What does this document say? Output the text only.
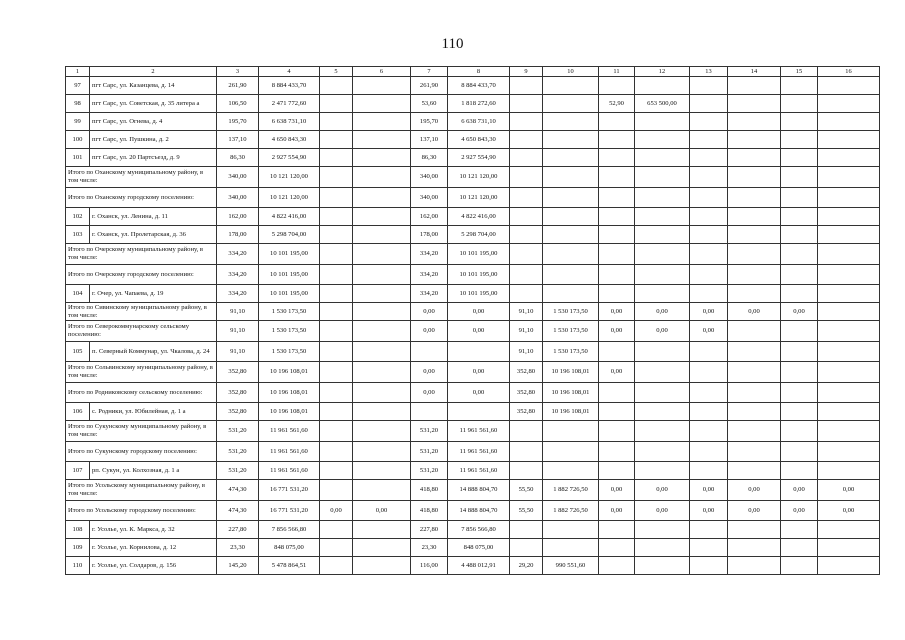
110
1	2	3	4	5	6	7	8	9	10	11	12	13	14	15	16
97	пгт Сарс, ул. Казанцева, д. 14	261,90	8 884 433,70			261,90	8 884 433,70								
98	пгт Сарс, ул. Советская, д. 35 литера а	106,50	2 471 772,60			53,60	1 818 272,60			52,90	653 500,00				
99	пгт Сарс, ул. Огнева, д. 4	195,70	6 638 731,10			195,70	6 638 731,10								
100	пгт Сарс, ул. Пушкина, д. 2	137,10	4 650 843,30			137,10	4 650 843,30								
101	пгт Сарс, ул. 20 Партсъезд, д. 9	86,30	2 927 554,90			86,30	2 927 554,90								
Итого по Оханскому муниципальному району, в том числе:		340,00	10 121 120,00			340,00	10 121 120,00								
Итого по Оханскому городскому поселению:		340,00	10 121 120,00			340,00	10 121 120,00								
102	г. Оханск, ул. Ленина, д. 11	162,00	4 822 416,00			162,00	4 822 416,00								
103	г. Оханск, ул. Пролетарская, д. 36	178,00	5 298 704,00			178,00	5 298 704,00								
Итого по Очерскому муниципальному району, в том числе:		334,20	10 101 195,00			334,20	10 101 195,00								
Итого по Очерскому городскому поселению:		334,20	10 101 195,00			334,20	10 101 195,00								
104	г. Очер, ул. Чапаева, д. 19	334,20	10 101 195,00			334,20	10 101 195,00								
Итого по Сивинскому муниципальному району, в том числе:		91,10	1 530 173,50			0,00	0,00	91,10	1 530 173,50	0,00	0,00	0,00	0,00	0,00	
Итого по Северокоммунарскому сельскому поселению:		91,10	1 530 173,50			0,00	0,00	91,10	1 530 173,50	0,00	0,00	0,00			
105	п. Северный Коммунар, ул. Чкалова, д. 24	91,10	1 530 173,50					91,10	1 530 173,50						
Итого по Сольвинскому муниципальному району, в том числе:		352,80	10 196 108,01			0,00	0,00	352,80	10 196 108,01	0,00					
Итого по Родниковскому сельскому поселению:		352,80	10 196 108,01			0,00	0,00	352,80	10 196 108,01						
106	с. Родники, ул. Юбилейная, д. 1 а	352,80	10 196 108,01					352,80	10 196 108,01						
Итого по Сукунскому муниципальному району, в том числе:		531,20	11 961 561,60			531,20	11 961 561,60								
Итого по Сукунскому городскому поселению:		531,20	11 961 561,60			531,20	11 961 561,60								
107	рп. Сукун, ул. Колхозная, д. 1 а	531,20	11 961 561,60			531,20	11 961 561,60								
Итого по Усольскому муниципальному району, в том числе:		474,30	16 771 531,20			418,80	14 888 804,70	55,50	1 882 726,50	0,00	0,00	0,00	0,00	0,00	0,00
Итого по Усольскому городскому поселению:		474,30	16 771 531,20	0,00	0,00	418,80	14 888 804,70	55,50	1 882 726,50	0,00	0,00	0,00	0,00	0,00	0,00
108	г. Усолье, ул. К. Маркса, д. 32	227,80	7 856 566,80			227,80	7 856 566,80								
109	г. Усолье, ул. Корнилова, д. 12	23,30	848 075,00			23,30	848 075,00								
110	г. Усолье, ул. Солдаров, д. 156	145,20	5 478 864,51			116,00	4 488 012,91	29,20	990 551,60						
